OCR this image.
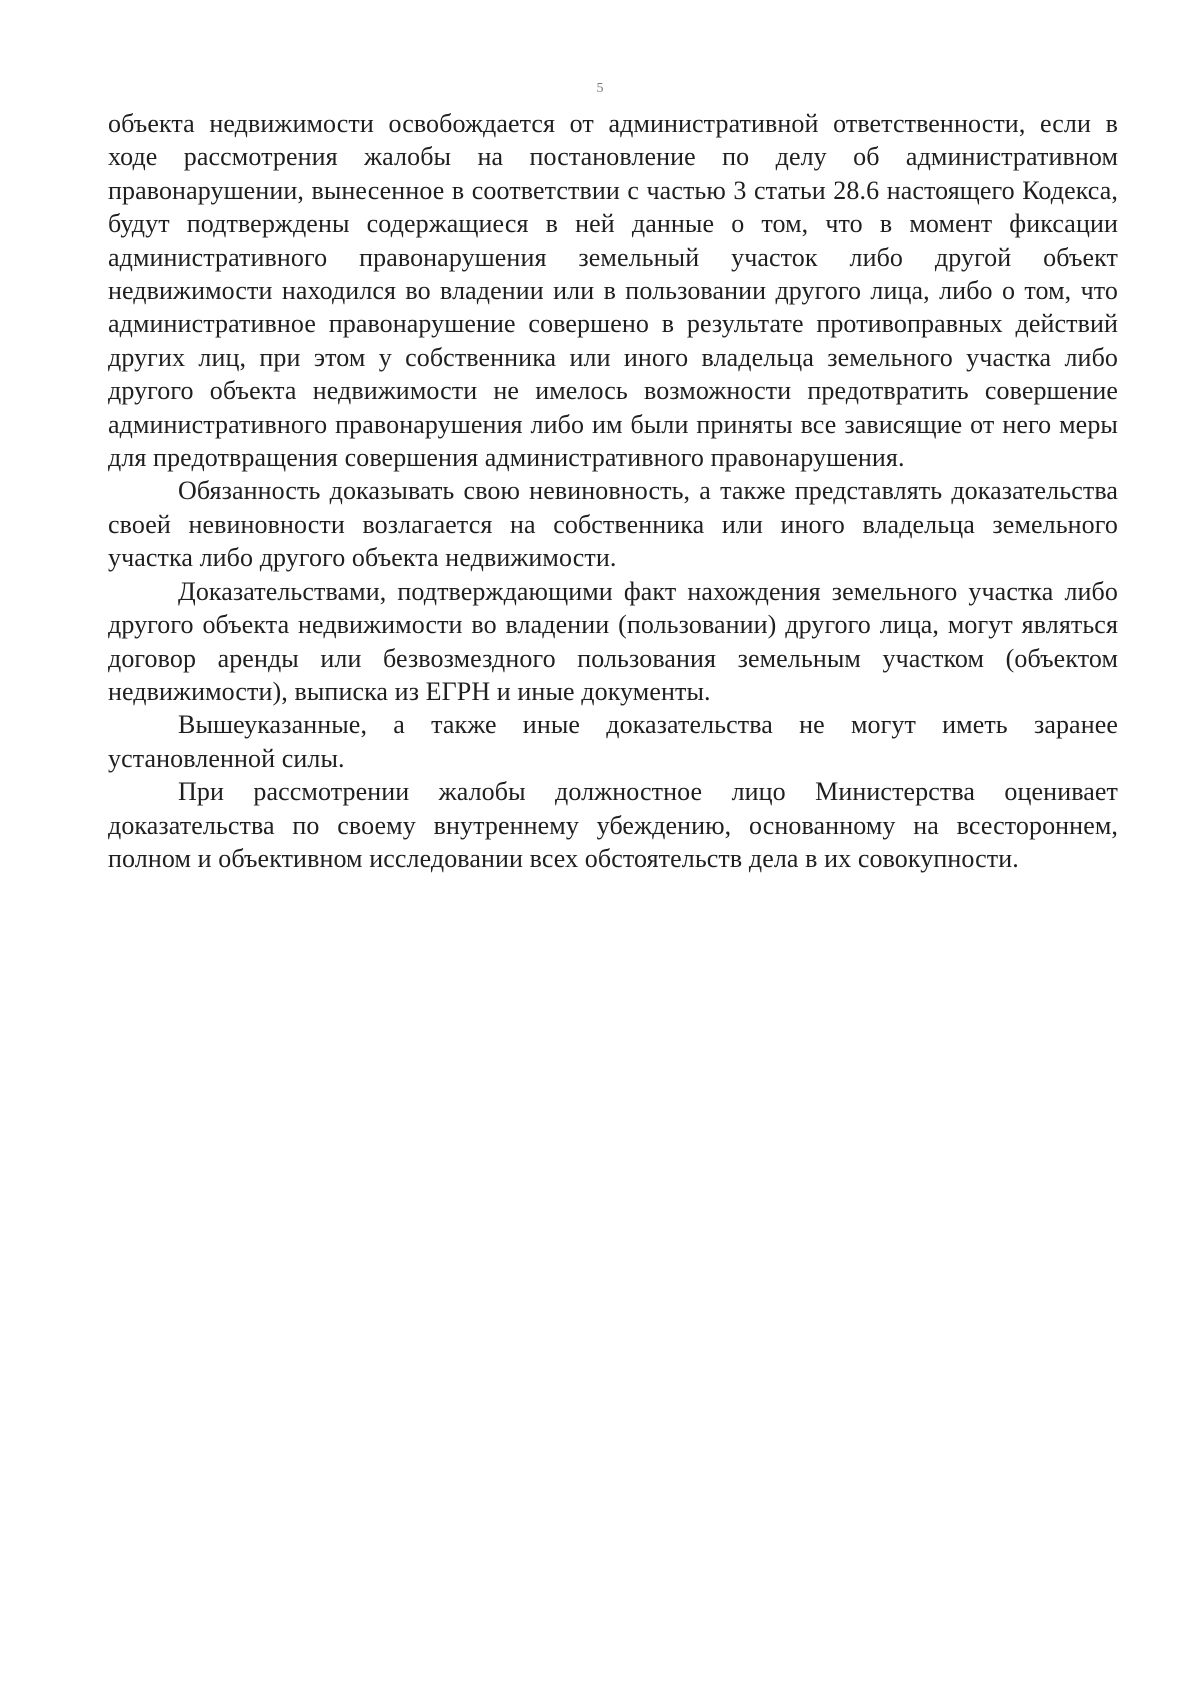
5

объекта недвижимости освобождается от административной ответственности, если в ходе рассмотрения жалобы на постановление по делу об административном правонарушении, вынесенное в соответствии с частью 3 статьи 28.6 настоящего Кодекса, будут подтверждены содержащиеся в ней данные о том, что в момент фиксации административного правонарушения земельный участок либо другой объект недвижимости находился во владении или в пользовании другого лица, либо о том, что административное правонарушение совершено в результате противоправных действий других лиц, при этом у собственника или иного владельца земельного участка либо другого объекта недвижимости не имелось возможности предотвратить совершение административного правонарушения либо им были приняты все зависящие от него меры для предотвращения совершения административного правонарушения.

Обязанность доказывать свою невиновность, а также представлять доказательства своей невиновности возлагается на собственника или иного владельца земельного участка либо другого объекта недвижимости.

Доказательствами, подтверждающими факт нахождения земельного участка либо другого объекта недвижимости во владении (пользовании) другого лица, могут являться договор аренды или безвозмездного пользования земельным участком (объектом недвижимости), выписка из ЕГРН и иные документы.

Вышеуказанные, а также иные доказательства не могут иметь заранее установленной силы.

При рассмотрении жалобы должностное лицо Министерства оценивает доказательства по своему внутреннему убеждению, основанному на всестороннем, полном и объективном исследовании всех обстоятельств дела в их совокупности.
